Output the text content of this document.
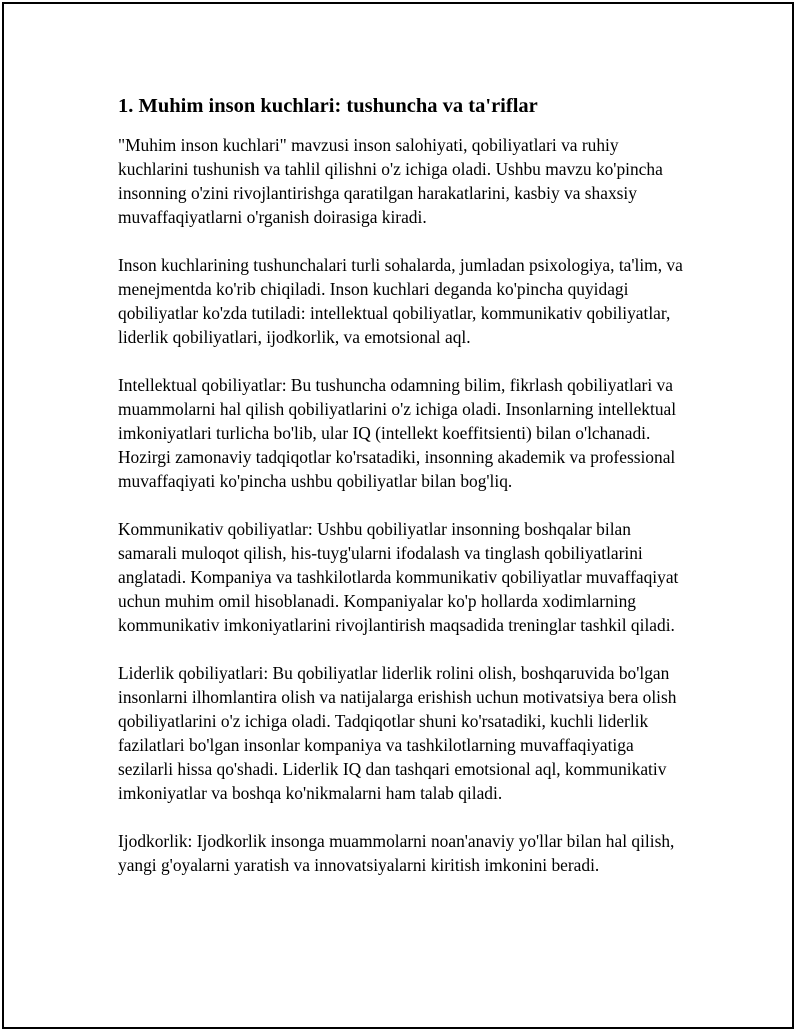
1. Muhim inson kuchlari: tushuncha va ta'riflar

"Muhim inson kuchlari" mavzusi inson salohiyati, qobiliyatlari va ruhiy kuchlarini tushunish va tahlil qilishni o'z ichiga oladi. Ushbu mavzu ko'pincha insonning o'zini rivojlantirishga qaratilgan harakatlarini, kasbiy va shaxsiy muvaffaqiyatlarni o'rganish doirasiga kiradi.

Inson kuchlarining tushunchalari turli sohalarda, jumladan psixologiya, ta'lim, va menejmentda ko'rib chiqiladi. Inson kuchlari deganda ko'pincha quyidagi qobiliyatlar ko'zda tutiladi: intellektual qobiliyatlar, kommunikativ qobiliyatlar, liderlik qobiliyatlari, ijodkorlik, va emotsional aql.

Intellektual qobiliyatlar: Bu tushuncha odamning bilim, fikrlash qobiliyatlari va muammolarni hal qilish qobiliyatlarini o'z ichiga oladi. Insonlarning intellektual imkoniyatlari turlicha bo'lib, ular IQ (intellekt koeffitsienti) bilan o'lchanadi. Hozirgi zamonaviy tadqiqotlar ko'rsatadiki, insonning akademik va professional muvaffaqiyati ko'pincha ushbu qobiliyatlar bilan bog'liq.

Kommunikativ qobiliyatlar: Ushbu qobiliyatlar insonning boshqalar bilan samarali muloqot qilish, his-tuyg'ularni ifodalash va tinglash qobiliyatlarini anglatadi. Kompaniya va tashkilotlarda kommunikativ qobiliyatlar muvaffaqiyat uchun muhim omil hisoblanadi. Kompaniyalar ko'p hollarda xodimlarning kommunikativ imkoniyatlarini rivojlantirish maqsadida treninglar tashkil qiladi.

Liderlik qobiliyatlari: Bu qobiliyatlar liderlik rolini olish, boshqaruvida bo'lgan insonlarni ilhomlantira olish va natijalarga erishish uchun motivatsiya bera olish qobiliyatlarini o'z ichiga oladi. Tadqiqotlar shuni ko'rsatadiki, kuchli liderlik fazilatlari bo'lgan insonlar kompaniya va tashkilotlarning muvaffaqiyatiga sezilarli hissa qo'shadi. Liderlik IQ dan tashqari emotsional aql, kommunikativ imkoniyatlar va boshqa ko'nikmalarni ham talab qiladi.

Ijodkorlik: Ijodkorlik insonga muammolarni noan'anaviy yo'llar bilan hal qilish, yangi g'oyalarni yaratish va innovatsiyalarni kiritish imkonini beradi.
